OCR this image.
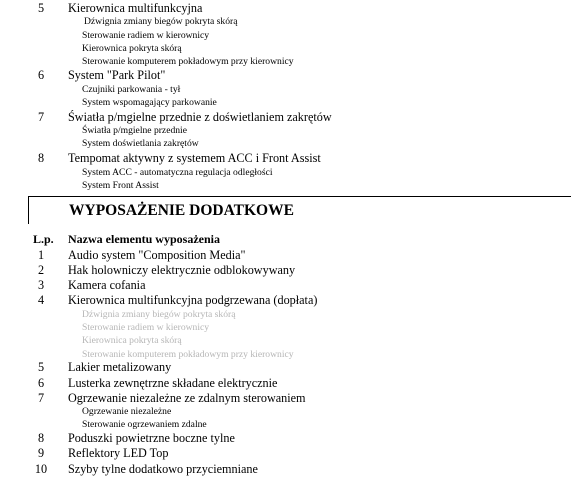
5	Kierownica multifunkcyjna
Dźwignia zmiany biegów pokryta skórą
Sterowanie radiem w kierownicy
Kierownica pokryta skórą
Sterowanie komputerem pokładowym przy kierownicy
6	System "Park Pilot"
Czujniki parkowania - tył
System wspomagający parkowanie
7	Światła p/mgielne przednie z doświetlaniem zakrętów
Światła p/mgielne przednie
System doświetlania zakrętów
8	Tempomat aktywny z systemem ACC i Front Assist
System ACC - automatyczna regulacja odległości
System Front Assist
WYPOSAŻENIE DODATKOWE
L.p. Nazwa elementu wyposażenia
1	Audio system "Composition Media"
2	Hak holowniczy elektrycznie odblokowywany
3	Kamera cofania
4	Kierownica multifunkcyjna podgrzewana (dopłata)
Dźwignia zmiany biegów pokryta skórą
Sterowanie radiem w kierownicy
Kierownica pokryta skórą
Sterowanie komputerem pokładowym przy kierownicy
5	Lakier metalizowany
6	Lusterka zewnętrzne składane elektrycznie
7	Ogrzewanie niezależne ze zdalnym sterowaniem
Ogrzewanie niezależne
Sterowanie ogrzewaniem zdalne
8	Poduszki powietrzne boczne tylne
9	Reflektory LED Top
10	Szyby tylne dodatkowo przyciemniane
